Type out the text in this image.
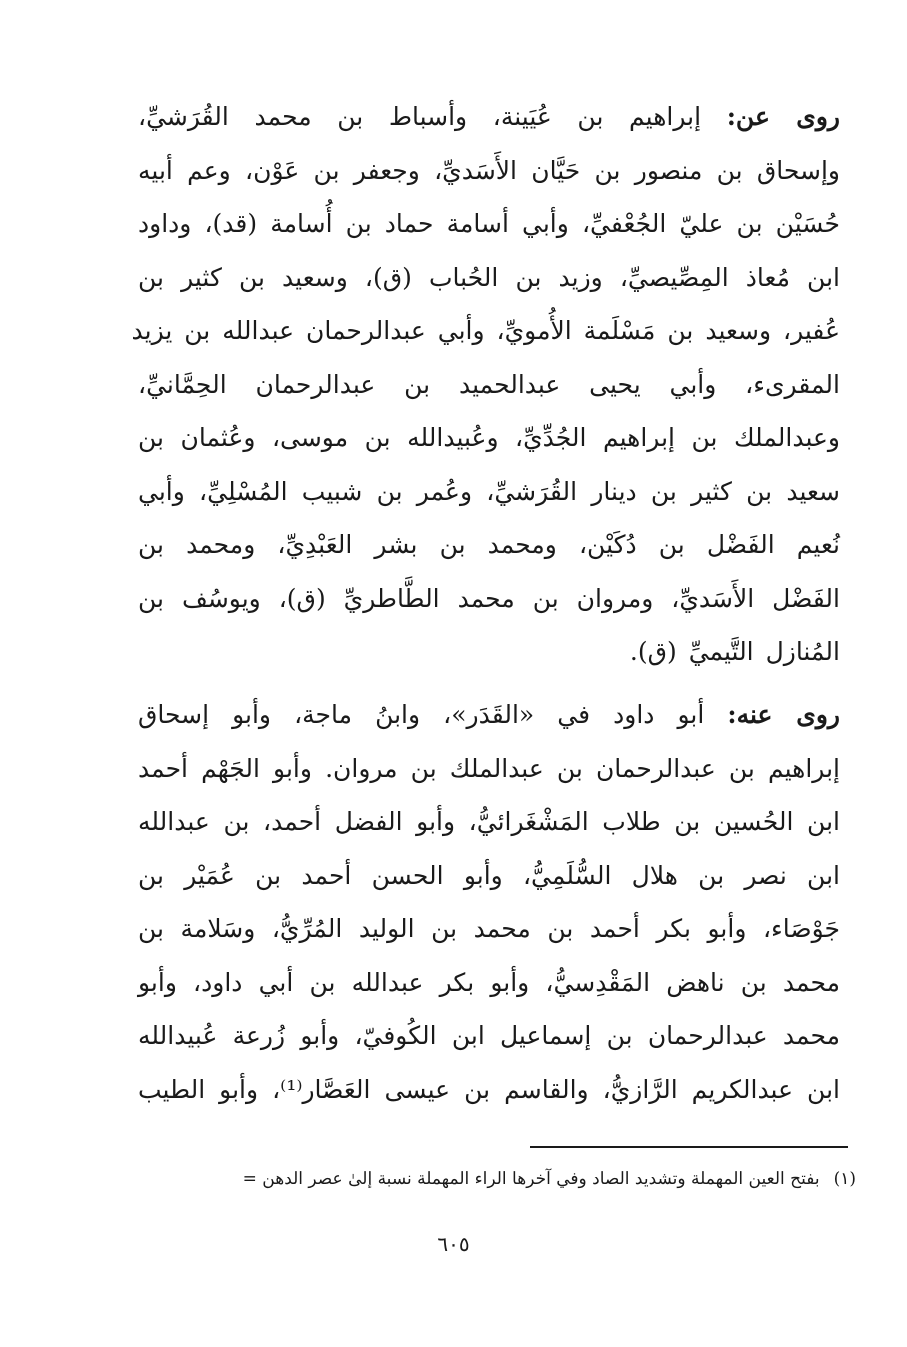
روى عن: إبراهيم بن عُيَينة، وأسباط بن محمد القُرَشيِّ،
وإسحاق بن منصور بن حَيَّان الأَسَديِّ، وجعفر بن عَوْن، وعم أبيه
حُسَيْن بن عليّ الجُعْفيِّ، وأبي أسامة حماد بن أُسامة (قد)، وداود
ابن مُعاذ المِصِّيصيِّ، وزيد بن الحُباب (ق)، وسعيد بن كثير بن
عُفير، وسعيد بن مَسْلَمة الأُمويِّ، وأبي عبدالرحمان عبدالله بن يزيد
المقرىء، وأبي يحيى عبدالحميد بن عبدالرحمان الحِمَّانيِّ،
وعبدالملك بن إبراهيم الجُدِّيِّ، وعُبيدالله بن موسى، وعُثمان بن
سعيد بن كثير بن دينار القُرَشيِّ، وعُمر بن شبيب المُسْلِيِّ، وأبي
نُعيم الفَضْل بن دُكَيْن، ومحمد بن بشر العَبْدِيِّ، ومحمد بن
الفَضْل الأَسَديِّ، ومروان بن محمد الطَّاطريِّ (ق)، ويوسُف بن
المُنازل التَّيميِّ (ق).
روى عنه: أبو داود في «القَدَر»، وابنُ ماجة، وأبو إسحاق
إبراهيم بن عبدالرحمان بن عبدالملك بن مروان. وأبو الجَهْم أحمد
ابن الحُسين بن طلاب المَشْغَرائيُّ، وأبو الفضل أحمد، بن عبدالله
ابن نصر بن هلال السُّلَمِيُّ، وأبو الحسن أحمد بن عُمَيْر بن
جَوْصَاء، وأبو بكر أحمد بن محمد بن الوليد المُرِّيُّ، وسَلامة بن
محمد بن ناهض المَقْدِسيُّ، وأبو بكر عبدالله بن أبي داود، وأبو
محمد عبدالرحمان بن إسماعيل ابن الكُوفيّ، وأبو زُرعة عُبيدالله
ابن عبدالكريم الرَّازيُّ، والقاسم بن عيسى العَصَّار⁽¹⁾، وأبو الطيب
(١)بفتح العين المهملة وتشديد الصاد وفي آخرها الراء المهملة نسبة إلىٰ عصر الدهن =
٦٠٥
